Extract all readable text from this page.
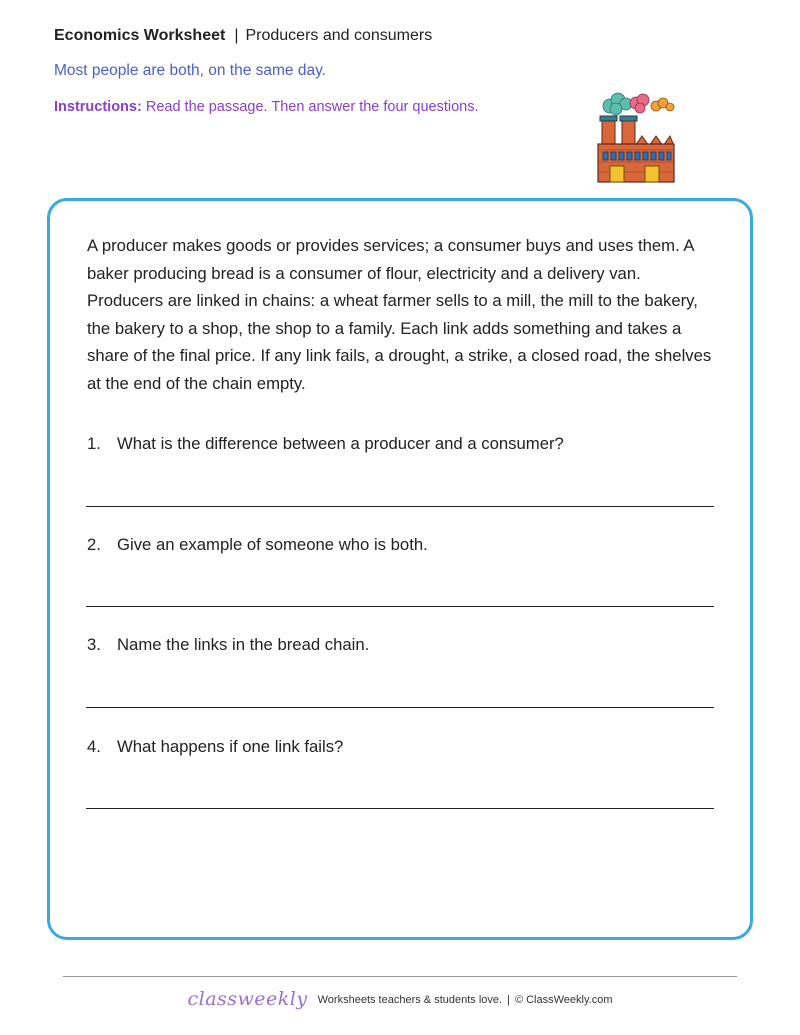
Economics Worksheet | Producers and consumers
Most people are both, on the same day.
Instructions: Read the passage. Then answer the four questions.

A producer makes goods or provides services; a consumer buys and uses them. A baker producing bread is a consumer of flour, electricity and a delivery van. Producers are linked in chains: a wheat farmer sells to a mill, the mill to the bakery, the bakery to a shop, the shop to a family. Each link adds something and takes a share of the final price. If any link fails, a drought, a strike, a closed road, the shelves at the end of the chain empty.

1. What is the difference between a producer and a consumer?
2. Give an example of someone who is both.
3. Name the links in the bread chain.
4. What happens if one link fails?
classweekly Worksheets teachers & students love. | © ClassWeekly.com
